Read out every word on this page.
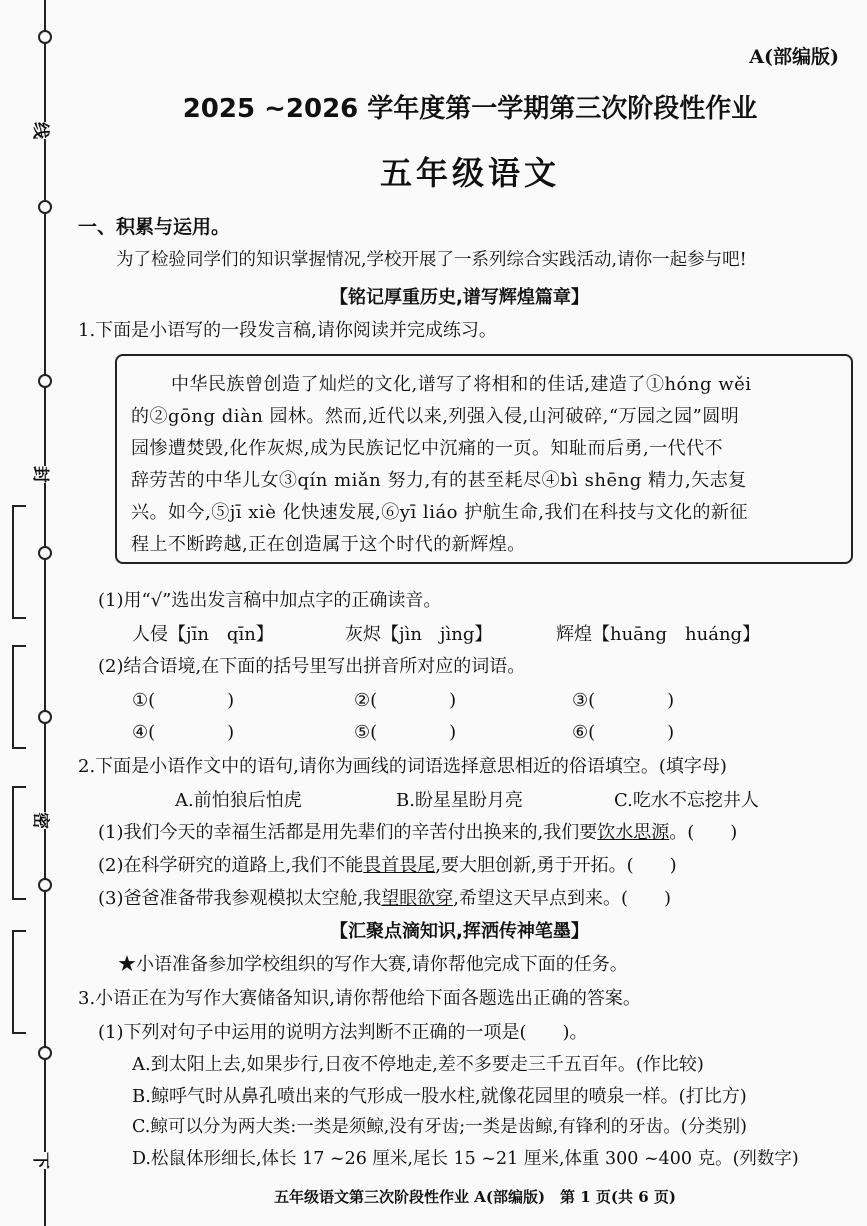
线
封
密
下
A(部编版)
2025 ~2026 学年度第一学期第三次阶段性作业
五年级语文
一、积累与运用。
为了检验同学们的知识掌握情况,学校开展了一系列综合实践活动,请你一起参与吧!
【铭记厚重历史,谱写辉煌篇章】
1.下面是小语写的一段发言稿,请你阅读并完成练习。
中华民族曾创造了灿烂的文化,谱写了将相和的佳话,建造了①hóng wěi
的②gōng diàn 园林。然而,近代以来,列强入侵,山河破碎,“万园之园”圆明
园惨遭焚毁,化作灰烬,成为民族记忆中沉痛的一页。知耻而后勇,一代代不
辞劳苦的中华儿女③qín miǎn 努力,有的甚至耗尽④bì shēng 精力,矢志复
兴。如今,⑤jī xiè 化快速发展,⑥yī liáo 护航生命,我们在科技与文化的新征
程上不断跨越,正在创造属于这个时代的新辉煌。
(1)用“√”选出发言稿中加点字的正确读音。
人侵【jīn　qīn】	灰烬【jìn　jìng】	辉煌【huāng　huáng】
(2)结合语境,在下面的括号里写出拼音所对应的词语。
①(　　　　)	②(　　　　)	③(　　　　)
④(　　　　)	⑤(　　　　)	⑥(　　　　)
2.下面是小语作文中的语句,请你为画线的词语选择意思相近的俗语填空。(填字母)
A.前怕狼后怕虎	B.盼星星盼月亮	C.吃水不忘挖井人
(1)我们今天的幸福生活都是用先辈们的辛苦付出换来的,我们要饮水思源。(　　)
(2)在科学研究的道路上,我们不能畏首畏尾,要大胆创新,勇于开拓。(　　)
(3)爸爸准备带我参观模拟太空舱,我望眼欲穿,希望这天早点到来。(　　)
【汇聚点滴知识,挥洒传神笔墨】
★小语准备参加学校组织的写作大赛,请你帮他完成下面的任务。
3.小语正在为写作大赛储备知识,请你帮他给下面各题选出正确的答案。
(1)下列对句子中运用的说明方法判断不正确的一项是(　　)。
A.到太阳上去,如果步行,日夜不停地走,差不多要走三千五百年。(作比较)
B.鲸呼气时从鼻孔喷出来的气形成一股水柱,就像花园里的喷泉一样。(打比方)
C.鲸可以分为两大类:一类是须鲸,没有牙齿;一类是齿鲸,有锋利的牙齿。(分类别)
D.松鼠体形细长,体长 17 ~26 厘米,尾长 15 ~21 厘米,体重 300 ~400 克。(列数字)
五年级语文第三次阶段性作业 A(部编版)　第 1 页(共 6 页)
